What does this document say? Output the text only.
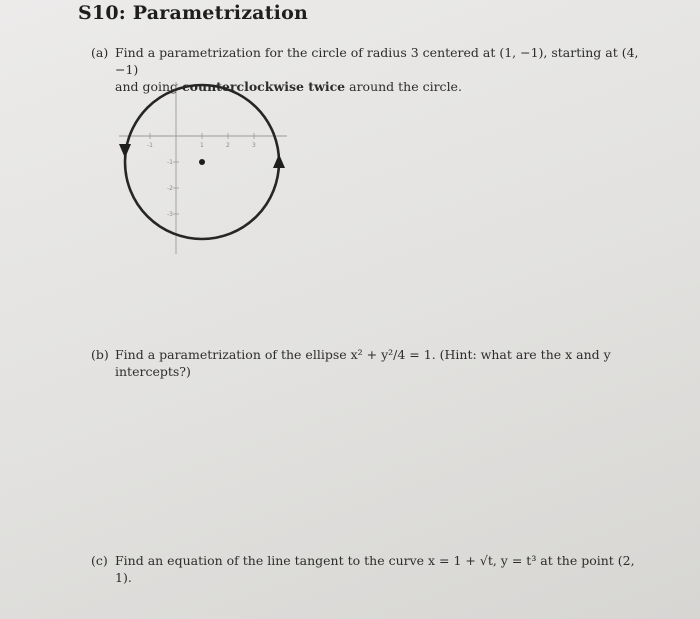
S10: Parametrization
(a) Find a parametrization for the circle of radius 3 centered at (1, −1), starting at (4, −1)
and going counterclockwise twice around the circle.
-1	1	2	3
-1
-2
-3
(b) Find a parametrization of the ellipse x² + y²/4 = 1. (Hint: what are the x and y
intercepts?)
(c) Find an equation of the line tangent to the curve x = 1 + √t, y = t³ at the point (2, 1).
